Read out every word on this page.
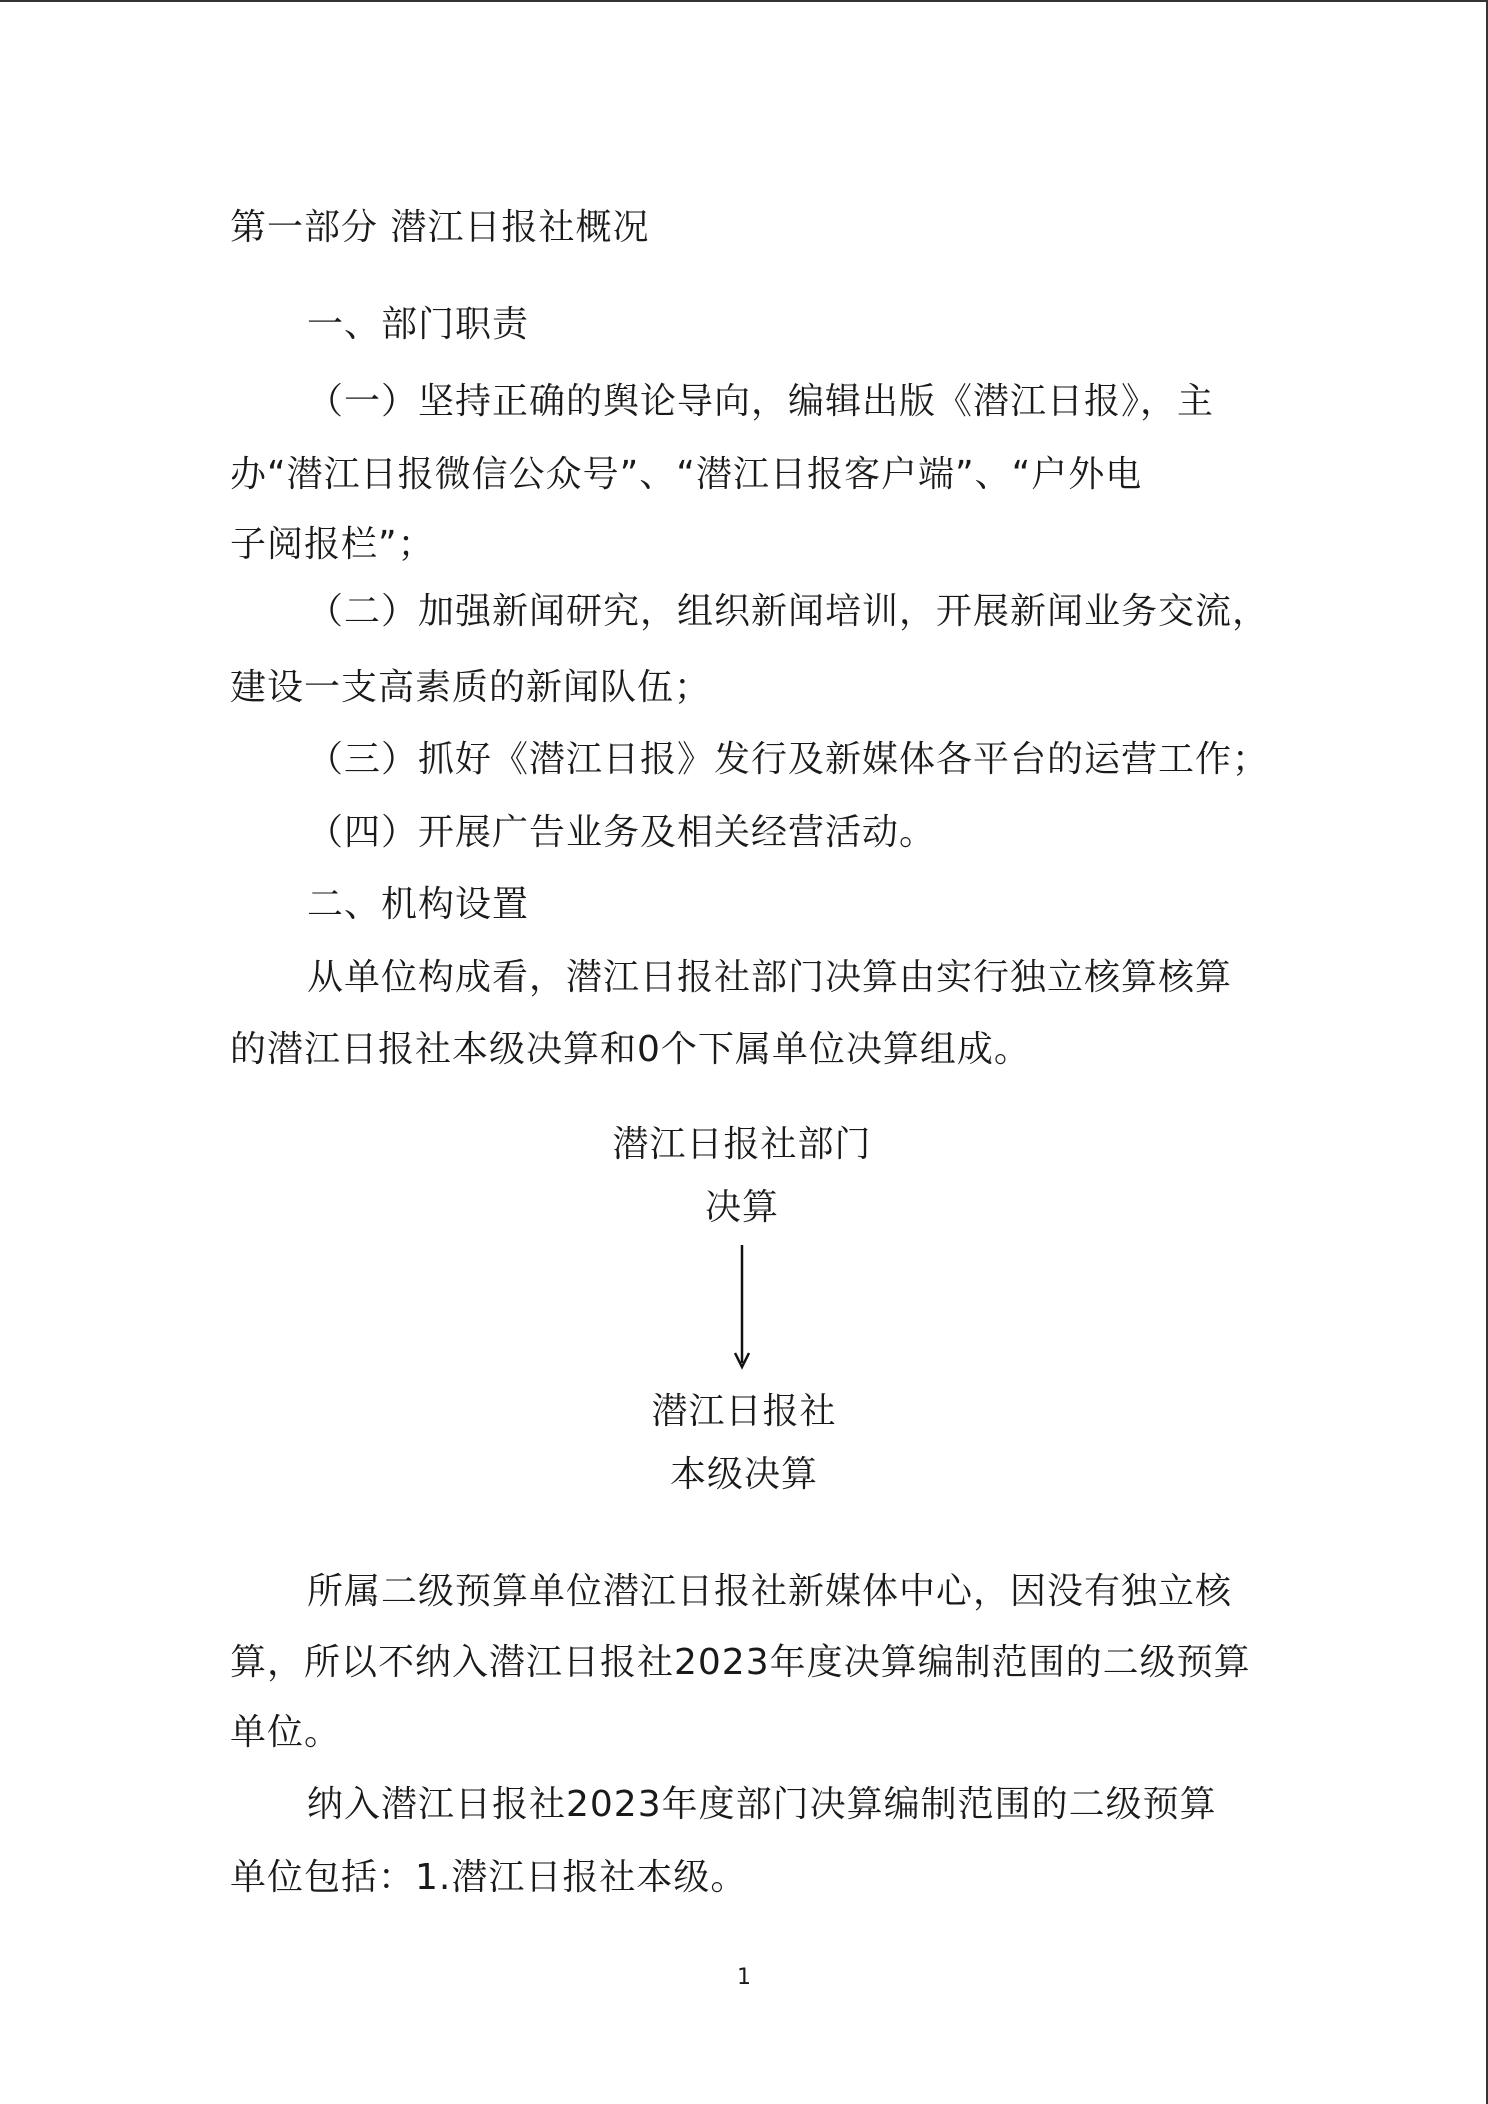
第一部分 潜江日报社概况
一、部门职责
（一）坚持正确的舆论导向，编辑出版《潜江日报》，主
办“潜江日报微信公众号”、“潜江日报客户端”、“户外电
子阅报栏”；
（二）加强新闻研究，组织新闻培训，开展新闻业务交流，
建设一支高素质的新闻队伍；
（三）抓好《潜江日报》发行及新媒体各平台的运营工作；
（四）开展广告业务及相关经营活动。
二、机构设置
从单位构成看，潜江日报社部门决算由实行独立核算核算
的潜江日报社本级决算和0个下属单位决算组成。
潜江日报社部门
决算
潜江日报社
本级决算
所属二级预算单位潜江日报社新媒体中心，因没有独立核
算，所以不纳入潜江日报社2023年度决算编制范围的二级预算
单位。
纳入潜江日报社2023年度部门决算编制范围的二级预算
单位包括：1.潜江日报社本级。
1
